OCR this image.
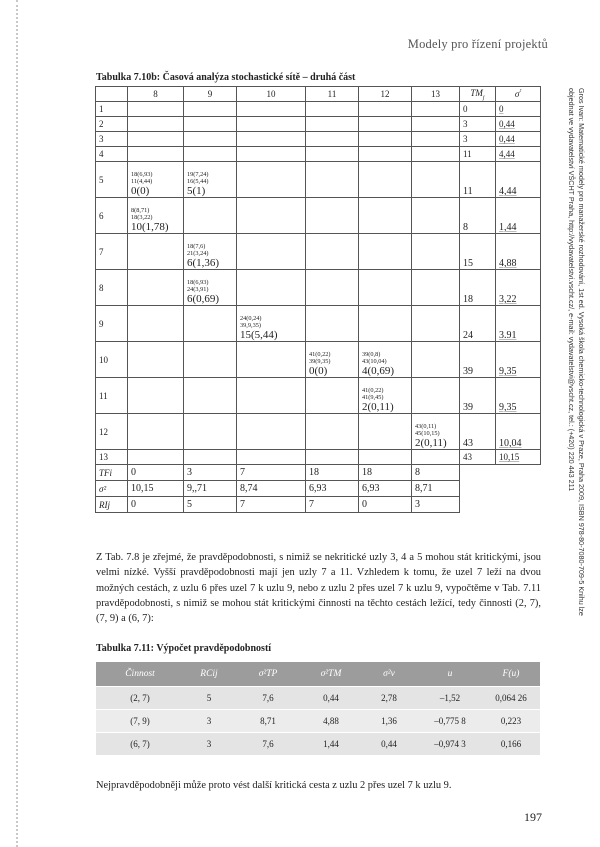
Modely pro řízení projektů
Gros Ivan: Matematické modely pro manažerské rozhodování, 1st ed. Vysoká škola chemicko-technologická v Praze, Praha 2009, ISBN 978-80-7080-709-5 Knihu lze objednat ve vydavatelství VŠCHT Praha, http://vydavatelstvi.vscht.cz/, e-mail: vydavatelstvi@vscht.cz, tel.: (+420) 220 443 211
Tabulka 7.10b: Časová analýza stochastické sítě – druhá část
	8	9	10	11	12	13	$TM_j$	$\sigma^{^2}$
1							0	0
2							3	0,44
3							3	0,44
4							11	4,44
5	18(6,93)
11(4,44)
0(0)	19(7,24)
16(5,44)
5(1)					11	4,44
6	8(8,71)
18(3,22)
10(1,78)						8	1,44
7		18(7,6)
21(3,24)
6(1,36)					15	4,88
8		18(6,93)
24(3,91)
6(0,69)					18	3,22
9			24(0,24)
39,9,35)
15(5,44)				24	3.91
10				41(0,22)
39(9,35)
0(0)	39(0,8)
43(10,04)
4(0,69)		39	9,35
11					41(0,22)
41(9,45)
2(0,11)		39	9,35
12						43(0,11)
45(10,15)
2(0,11)	43	10,04
13							43	10,15
TFi	0	3	7	18	18	8		
σ²	10,15	9,,71	8,74	6,93	6,93	8,71		
RIj	0	5	7	7	0	3		
Z Tab. 7.8 je zřejmé, že pravděpodobnosti, s nimiž se nekritické uzly 3, 4 a 5 mohou stát kritickými, jsou velmi nízké. Vyšší pravděpodobnosti mají jen uzly 7 a 11. Vzhledem k tomu, že uzel 7 leží na dvou možných cestách, z uzlu 6 přes uzel 7 k uzlu 9, nebo z uzlu 2 přes uzel 7 k uzlu 9, vypočtěme v Tab. 7.11 pravděpodobnosti, s nimiž se mohou stát kritickými činnosti na těchto cestách ležící, tedy činnosti (2, 7), (7, 9) a (6, 7):
Tabulka 7.11: Výpočet pravděpodobností
Činnost	RCij	σ²TP	σ²TM	σ²v	u	F(u)
(2, 7)	5	7,6	0,44	2,78	–1,52	0,064 26
(7, 9)	3	8,71	4,88	1,36	–0,775 8	0,223
(6, 7)	3	7,6	1,44	0,44	–0,974 3	0,166
Nejpravděpodobněji může proto vést další kritická cesta z uzlu 2 přes uzel 7 k uzlu 9.
197
